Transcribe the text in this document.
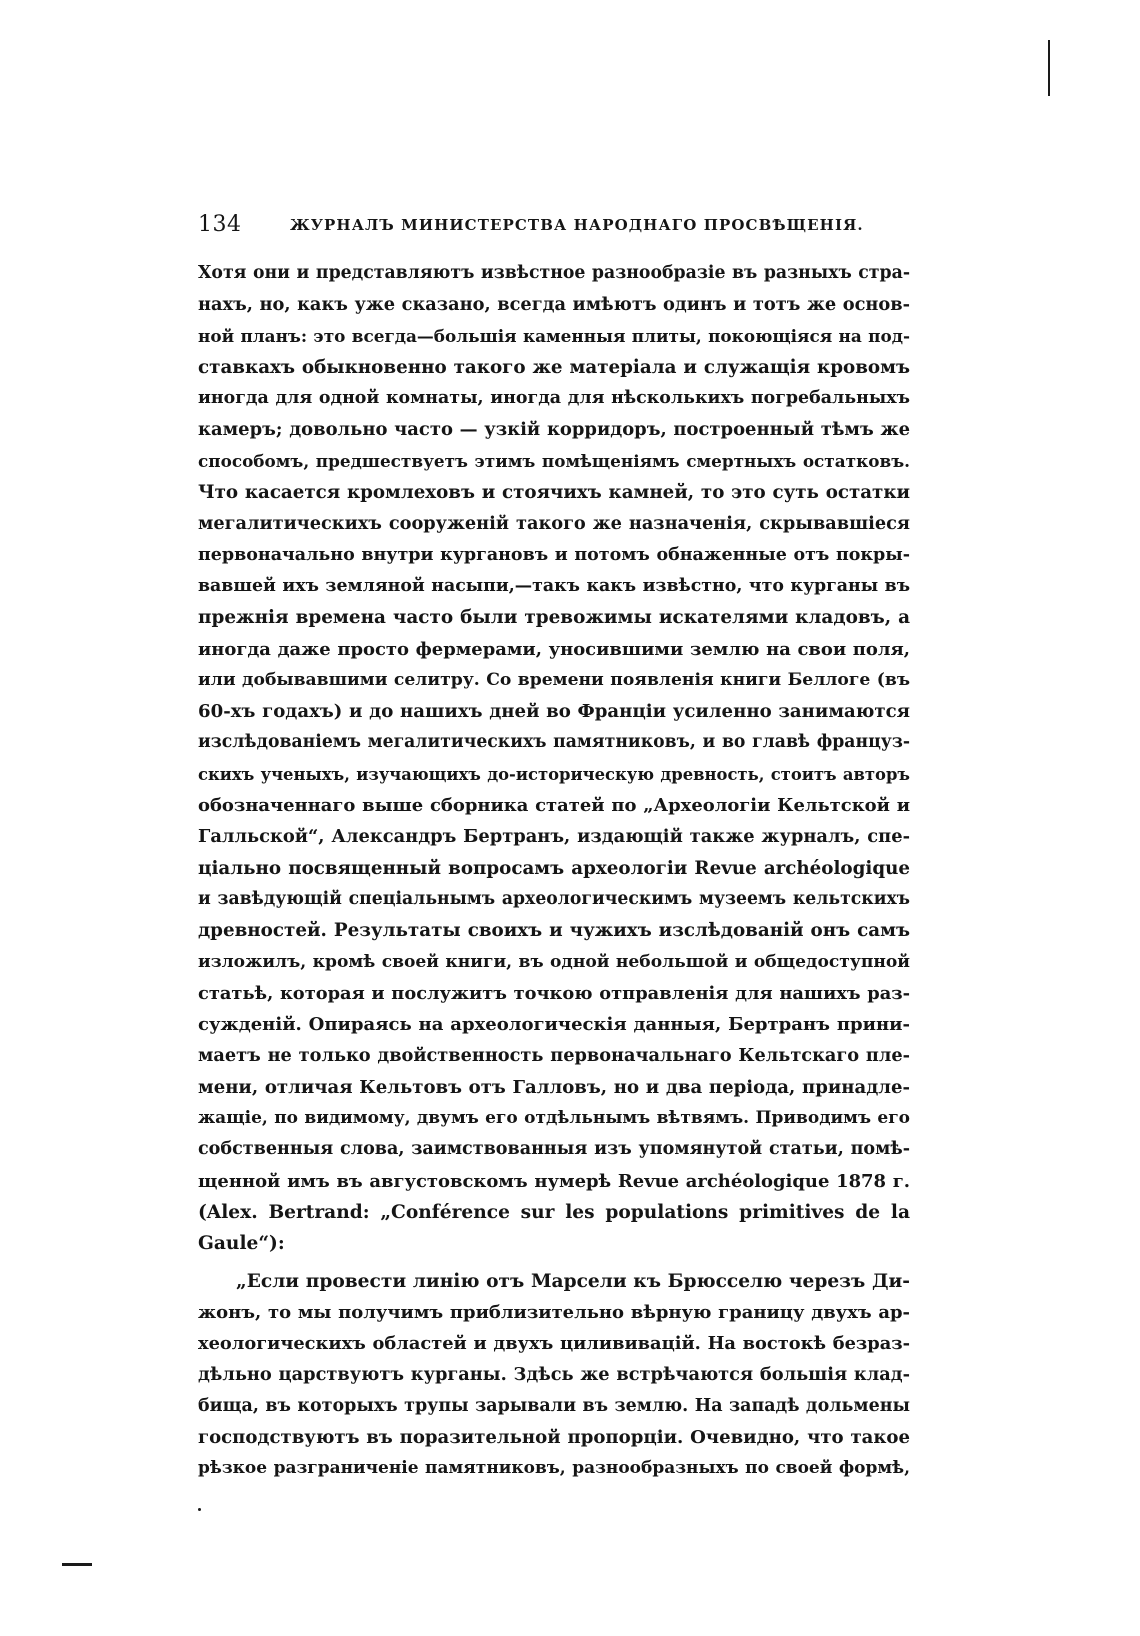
134	ЖУРНАЛЪ МИНИСТЕРСТВА НАРОДНАГО ПРОСВѢЩЕНІЯ.
Хотя они и представляютъ извѣстное разнообразіе въ разныхъ стра-
нахъ, но, какъ уже сказано, всегда имѣютъ одинъ и тотъ же основ-
ной планъ: это всегда—большія каменныя плиты, покоющіяся на под-
ставкахъ обыкновенно такого же матеріала и служащія кровомъ
иногда для одной комнаты, иногда для нѣсколькихъ погребальныхъ
камеръ; довольно часто — узкій корридоръ, построенный тѣмъ же
способомъ, предшествуетъ этимъ помѣщеніямъ смертныхъ остатковъ.
Что касается кромлеховъ и стоячихъ камней, то это суть остатки
мегалитическихъ сооруженій такого же назначенія, скрывавшіеся
первоначально внутри кургановъ и потомъ обнаженные отъ покры-
вавшей ихъ земляной насыпи,—такъ какъ извѣстно, что курганы въ
прежнія времена часто были тревожимы искателями кладовъ, а
иногда даже просто фермерами, уносившими землю на свои поля,
или добывавшими селитру. Со времени появленія книги Беллоге (въ
60-хъ годахъ) и до нашихъ дней во Франціи усиленно занимаются
изслѣдованіемъ мегалитическихъ памятниковъ, и во главѣ француз-
скихъ ученыхъ, изучающихъ до-историческую древность, стоитъ авторъ
обозначеннаго выше сборника статей по „Археологіи Кельтской и
Галльской“, Александръ Бертранъ, издающій также журналъ, спе-
ціально посвященный вопросамъ археологіи Revue archéologique
и завѣдующій спеціальнымъ археологическимъ музеемъ кельтскихъ
древностей. Результаты своихъ и чужихъ изслѣдованій онъ самъ
изложилъ, кромѣ своей книги, въ одной небольшой и общедоступной
статьѣ, которая и послужитъ точкою отправленія для нашихъ раз-
сужденій. Опираясь на археологическія данныя, Бертранъ прини-
маетъ не только двойственность первоначальнаго Кельтскаго пле-
мени, отличая Кельтовъ отъ Галловъ, но и два періода, принадле-
жащіе, по видимому, двумъ его отдѣльнымъ вѣтвямъ. Приводимъ его
собственныя слова, заимствованныя изъ упомянутой статьи, помѣ-
щенной имъ въ августовскомъ нумерѣ Revue archéologique 1878 г.
(Alex. Bertrand: „Conférence sur les populations primitives de la
Gaule“):
„Если провести линію отъ Марсели къ Брюсселю черезъ Ди-
жонъ, то мы получимъ приблизительно вѣрную границу двухъ ар-
хеологическихъ областей и двухъ цилививацій. На востокѣ безраз-
дѣльно царствуютъ курганы. Здѣсь же встрѣчаются большія клад-
бища, въ которыхъ трупы зарывали въ землю. На западѣ дольмены
господствуютъ въ поразительной пропорціи. Очевидно, что такое
рѣзкое разграниченіе памятниковъ, разнообразныхъ по своей формѣ,
